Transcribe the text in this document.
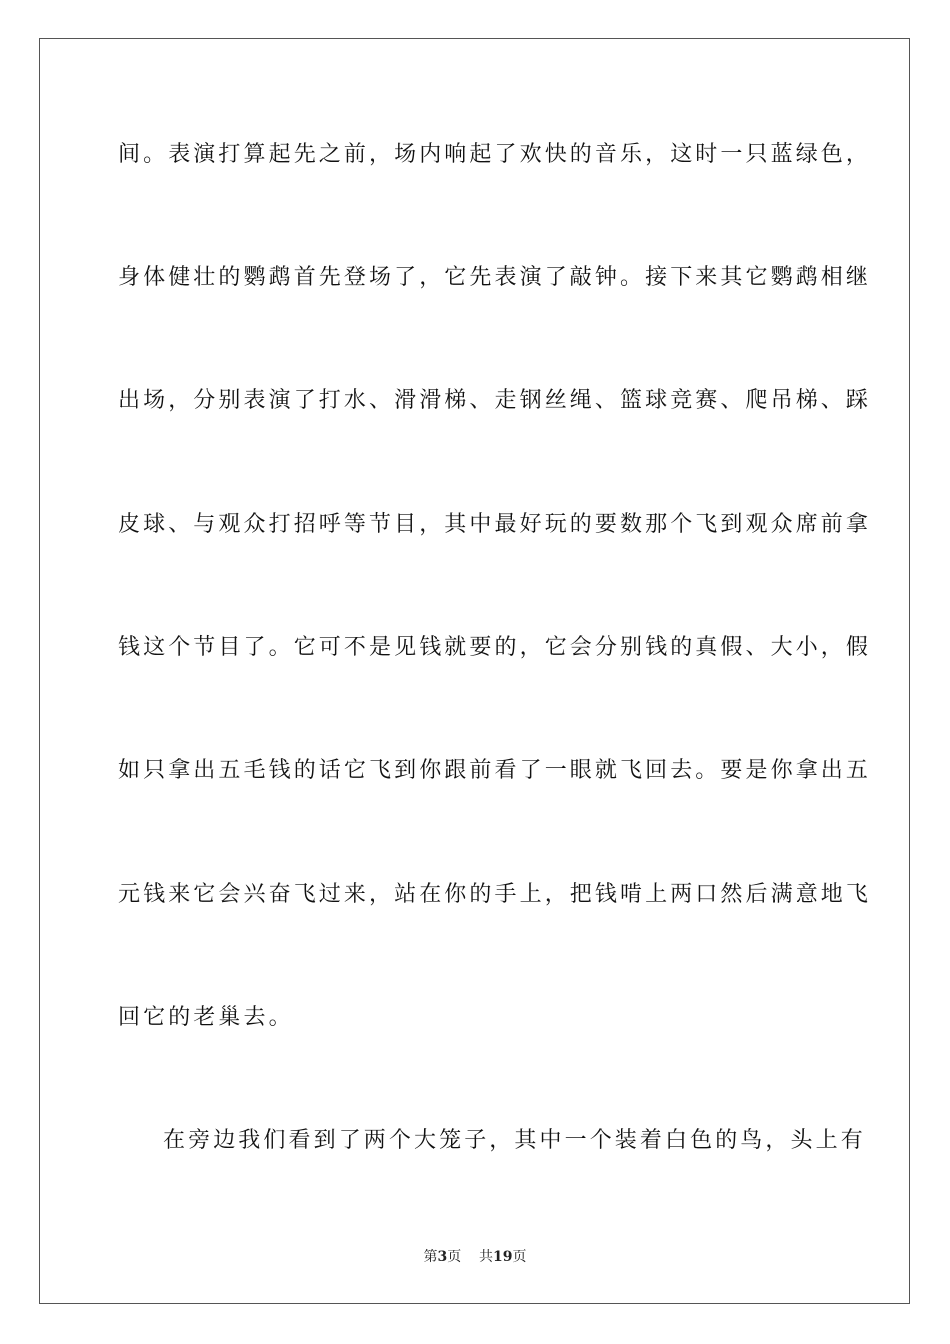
间。表演打算起先之前，场内响起了欢快的音乐，这时一只蓝绿色，
身体健壮的鹦鹉首先登场了，它先表演了敲钟。接下来其它鹦鹉相继
出场，分别表演了打水、滑滑梯、走钢丝绳、篮球竞赛、爬吊梯、踩
皮球、与观众打招呼等节目，其中最好玩的要数那个飞到观众席前拿
钱这个节目了。它可不是见钱就要的，它会分别钱的真假、大小，假
如只拿出五毛钱的话它飞到你跟前看了一眼就飞回去。要是你拿出五
元钱来它会兴奋飞过来，站在你的手上，把钱啃上两口然后满意地飞
回它的老巢去。
在旁边我们看到了两个大笼子，其中一个装着白色的鸟，头上有
第3页 共19页
